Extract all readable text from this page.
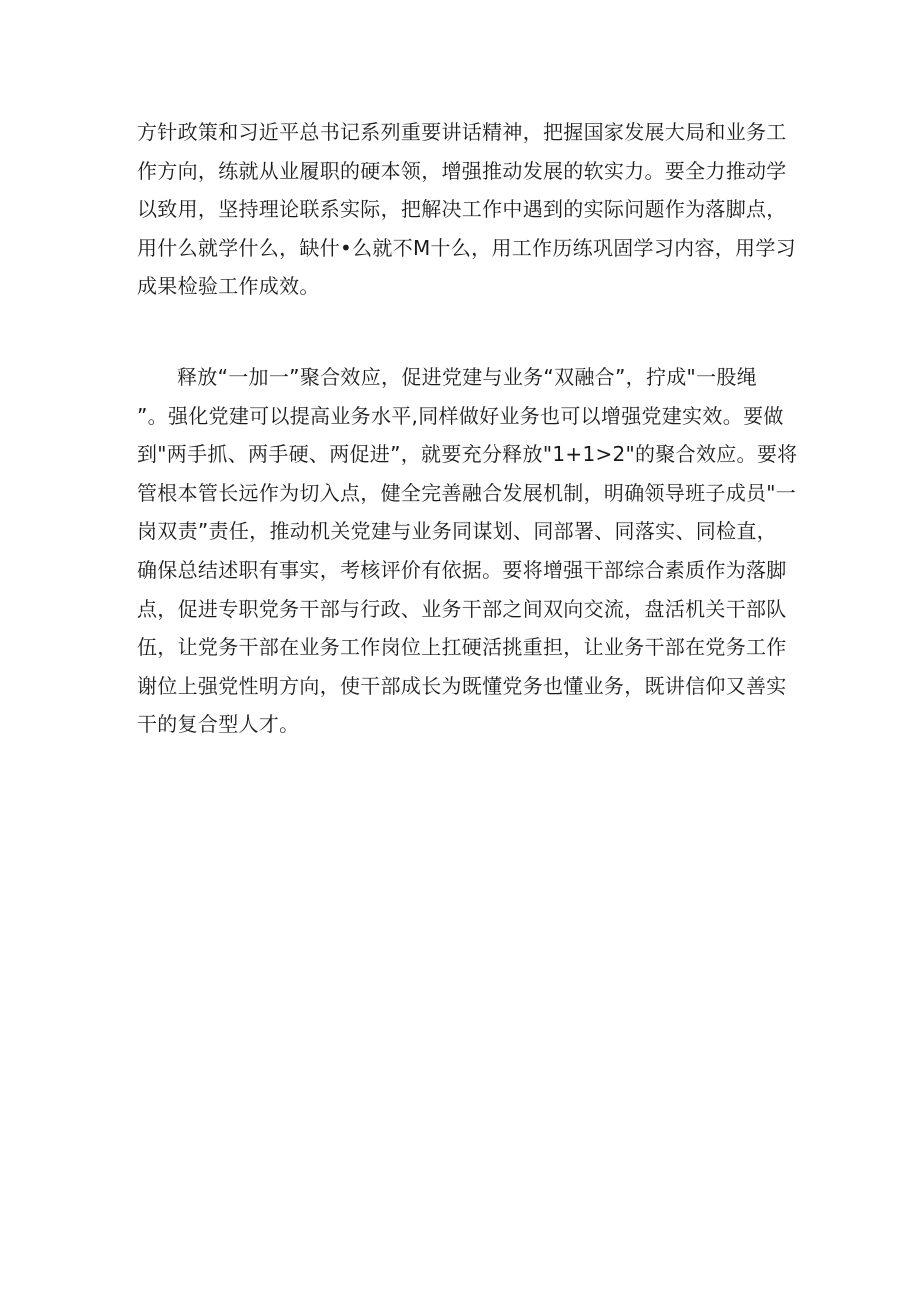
方针政策和习近平总书记系列重要讲话精神，把握国家发展大局和业务工
作方向，练就从业履职的硬本领，增强推动发展的软实力。要全力推动学
以致用，坚持理论联系实际，把解决工作中遇到的实际问题作为落脚点，
用什么就学什么，缺什•么就不M十么，用工作历练巩固学习内容，用学习
成果检验工作成效。
释放“一加一”聚合效应，促进党建与业务“双融合”，拧成"一股绳
”。强化党建可以提高业务水平,同样做好业务也可以增强党建实效。要做
到"两手抓、两手硬、两促进”，就要充分释放"1+1>2"的聚合效应。要将
管根本管长远作为切入点，健全完善融合发展机制，明确领导班子成员"一
岗双责”责任，推动机关党建与业务同谋划、同部署、同落实、同检直，
确保总结述职有事实，考核评价有依据。要将增强干部综合素质作为落脚
点，促进专职党务干部与行政、业务干部之间双向交流，盘活机关干部队
伍，让党务干部在业务工作岗位上扛硬活挑重担，让业务干部在党务工作
谢位上强党性明方向，使干部成长为既懂党务也懂业务，既讲信仰又善实
干的复合型人才。
